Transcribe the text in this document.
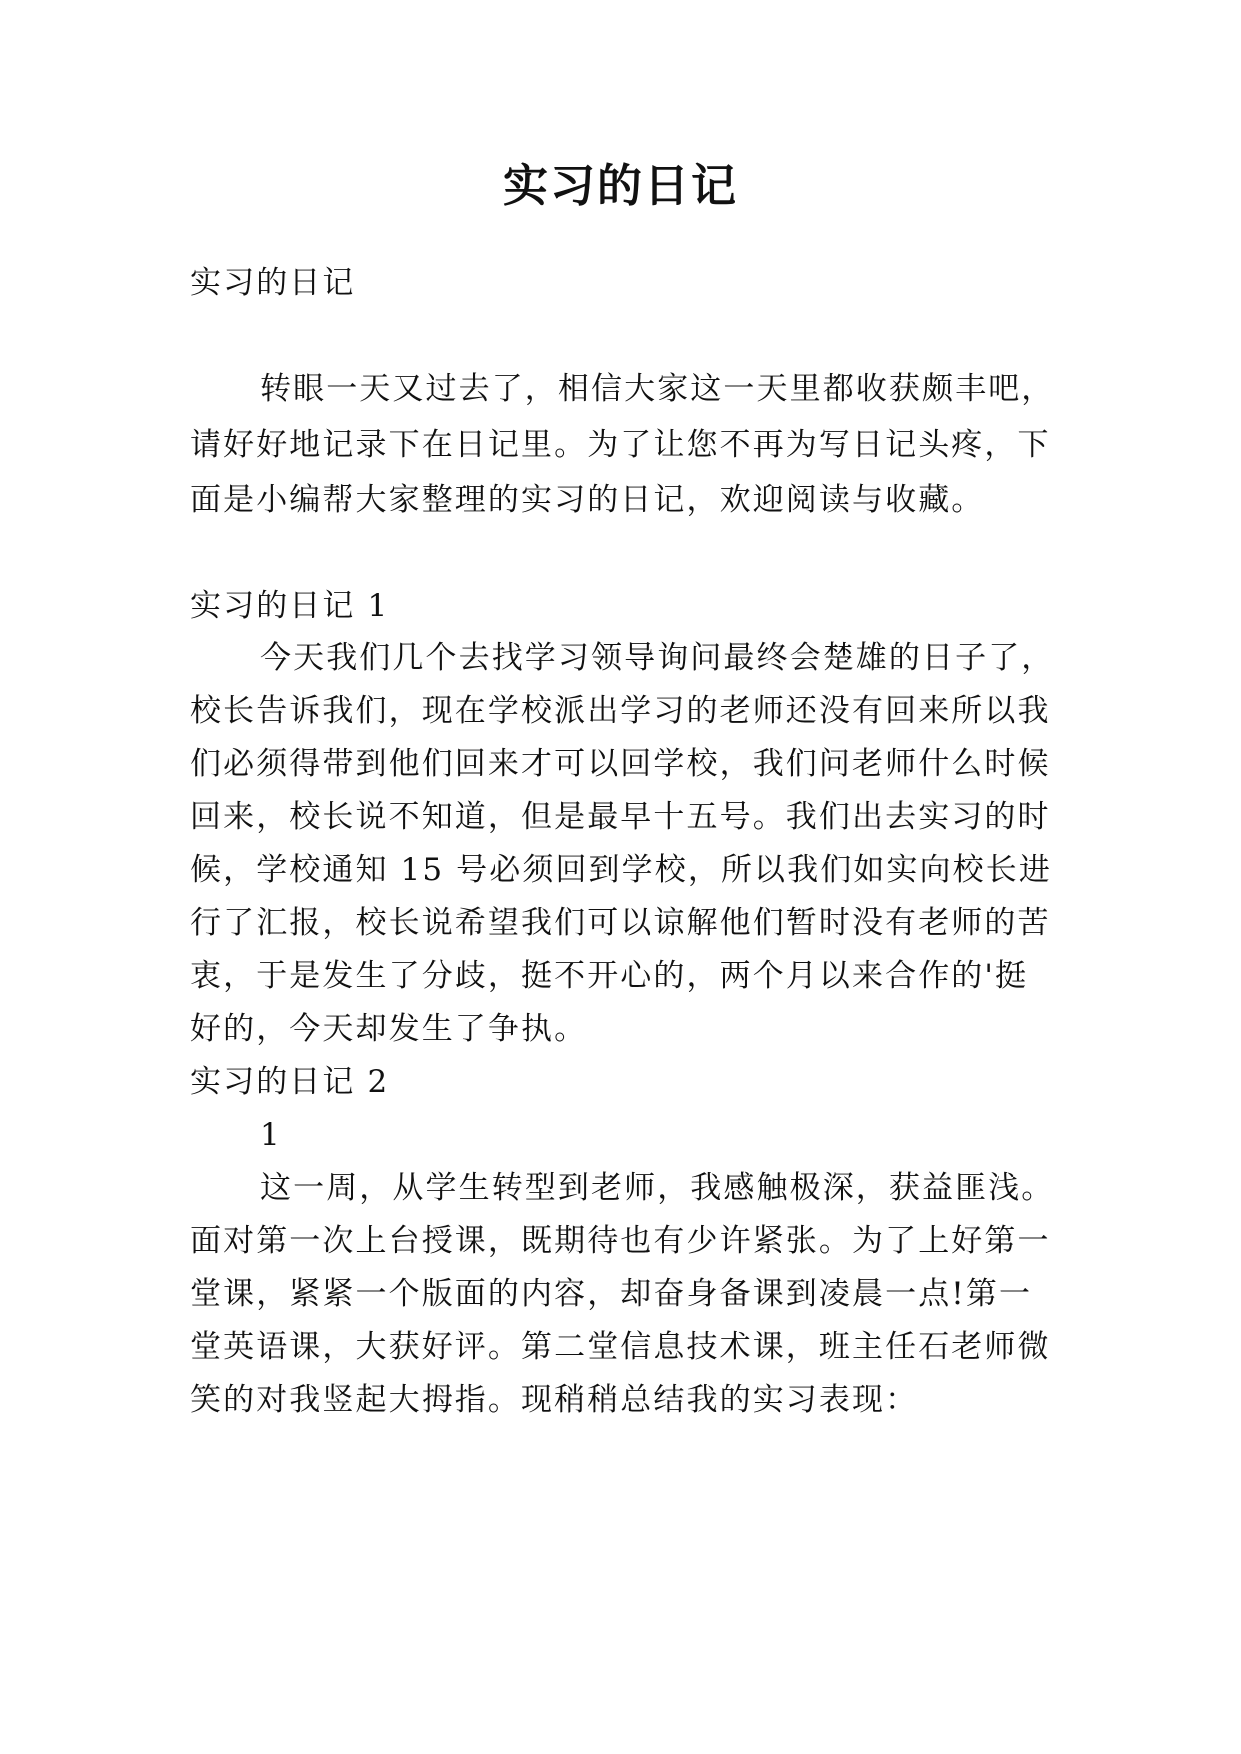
实习的日记
实习的日记
转眼一天又过去了，相信大家这一天里都收获颇丰吧，
请好好地记录下在日记里。为了让您不再为写日记头疼，下
面是小编帮大家整理的实习的日记，欢迎阅读与收藏。
实习的日记 1
今天我们几个去找学习领导询问最终会楚雄的日子了，
校长告诉我们，现在学校派出学习的老师还没有回来所以我
们必须得带到他们回来才可以回学校，我们问老师什么时候
回来，校长说不知道，但是最早十五号。我们出去实习的时
候，学校通知 15 号必须回到学校，所以我们如实向校长进
行了汇报，校长说希望我们可以谅解他们暂时没有老师的苦
衷，于是发生了分歧，挺不开心的，两个月以来合作的'挺
好的，今天却发生了争执。
实习的日记 2
1
这一周，从学生转型到老师，我感触极深，获益匪浅。
面对第一次上台授课，既期待也有少许紧张。为了上好第一
堂课，紧紧一个版面的内容，却奋身备课到凌晨一点!第一
堂英语课，大获好评。第二堂信息技术课，班主任石老师微
笑的对我竖起大拇指。现稍稍总结我的实习表现：
